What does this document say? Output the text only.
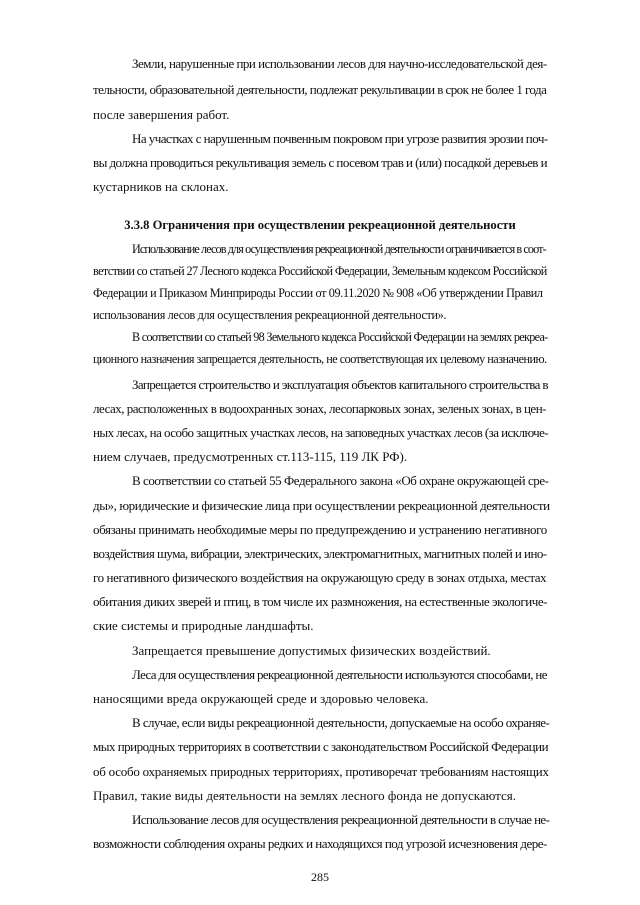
Земли, нарушенные при использовании лесов для научно-исследовательской дея-

тельности, образовательной деятельности, подлежат рекультивации в срок не более 1 года

после завершения работ.

На участках с нарушенным почвенным покровом при угрозе развития эрозии поч-

вы должна проводиться рекультивация земель с посевом трав и (или) посадкой деревьев и

кустарников на склонах.

3.3.8 Ограничения при осуществлении рекреационной деятельности

Использование лесов для осуществления рекреационной деятельности ограничивается в соот-

ветствии со статьей 27 Лесного кодекса Российской Федерации, Земельным кодексом Российской

Федерации и Приказом Минприроды России от 09.11.2020 № 908 «Об утверждении Правил

использования лесов для осуществления рекреационной деятельности».

В соответствии со статьей 98 Земельного кодекса Российской Федерации на землях рекреа-

ционного назначения запрещается деятельность, не соответствующая их целевому назначению.

Запрещается строительство и эксплуатация объектов капитального строительства в

лесах, расположенных в водоохранных зонах, лесопарковых зонах, зеленых зонах, в цен-

ных лесах, на особо защитных участках лесов, на заповедных участках лесов (за исключе-

нием случаев, предусмотренных ст.113-115, 119 ЛК РФ).

В соответствии со статьей 55 Федерального закона «Об охране окружающей сре-

ды», юридические и физические лица при осуществлении рекреационной деятельности

обязаны принимать необходимые меры по предупреждению и устранению негативного

воздействия шума, вибрации, электрических, электромагнитных, магнитных полей и ино-

го негативного физического воздействия на окружающую среду в зонах отдыха, местах

обитания диких зверей и птиц, в том числе их размножения, на естественные экологиче-

ские системы и природные ландшафты.

Запрещается превышение допустимых физических воздействий.

Леса для осуществления рекреационной деятельности используются способами, не

наносящими вреда окружающей среде и здоровью человека.

В случае, если виды рекреационной деятельности, допускаемые на особо охраняе-

мых природных территориях в соответствии с законодательством Российской Федерации

об особо охраняемых природных территориях, противоречат требованиям настоящих

Правил, такие виды деятельности на землях лесного фонда не допускаются.

Использование лесов для осуществления рекреационной деятельности в случае не-

возможности соблюдения охраны редких и находящихся под угрозой исчезновения дере-

285
